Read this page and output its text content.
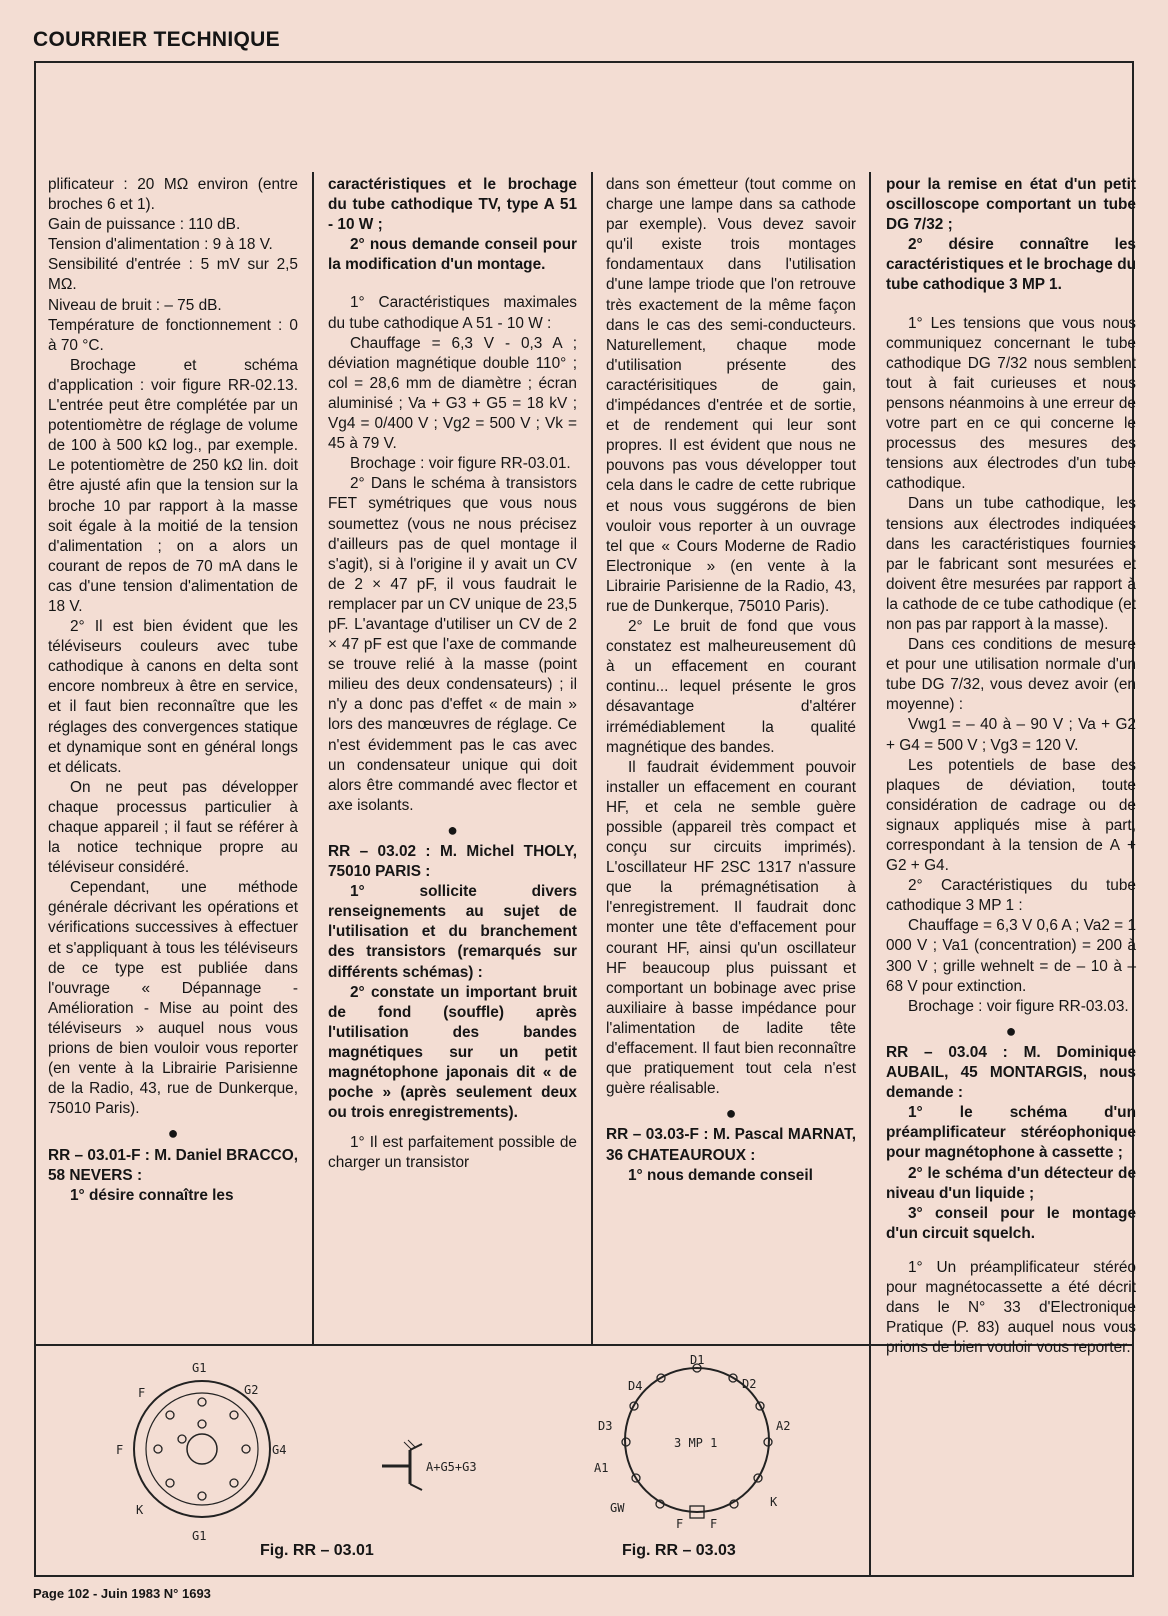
COURRIER TECHNIQUE

plificateur : 20 MΩ environ (entre broches 6 et 1).

Gain de puissance : 110 dB.

Tension d'alimentation : 9 à 18 V.

Sensibilité d'entrée : 5 mV sur 2,5 MΩ.

Niveau de bruit : – 75 dB.

Température de fonctionnement : 0 à 70 °C.

Brochage et schéma d'application : voir figure RR-02.13. L'entrée peut être complétée par un potentiomètre de réglage de volume de 100 à 500 kΩ log., par exemple. Le potentiomètre de 250 kΩ lin. doit être ajusté afin que la tension sur la broche 10 par rapport à la masse soit égale à la moitié de la tension d'alimentation ; on a alors un courant de repos de 70 mA dans le cas d'une tension d'alimentation de 18 V.

2° Il est bien évident que les téléviseurs couleurs avec tube cathodique à canons en delta sont encore nombreux à être en service, et il faut bien reconnaître que les réglages des convergences statique et dynamique sont en général longs et délicats.

On ne peut pas développer chaque processus particulier à chaque appareil ; il faut se référer à la notice technique propre au téléviseur considéré.

Cependant, une méthode générale décrivant les opérations et vérifications successives à effectuer et s'appliquant à tous les téléviseurs de ce type est publiée dans l'ouvrage « Dépannage - Amélioration - Mise au point des téléviseurs » auquel nous vous prions de bien vouloir vous reporter (en vente à la Librairie Parisienne de la Radio, 43, rue de Dunkerque, 75010 Paris).

●

RR – 03.01-F : M. Daniel BRACCO, 58 NEVERS :

1° désire connaître les

caractéristiques et le brochage du tube cathodique TV, type A 51 - 10 W ;

2° nous demande conseil pour la modification d'un montage.

1° Caractéristiques maximales du tube cathodique A 51 - 10 W :

Chauffage = 6,3 V - 0,3 A ; déviation magnétique double 110° ; col = 28,6 mm de diamètre ; écran aluminisé ; Va + G3 + G5 = 18 kV ; Vg4 = 0/400 V ; Vg2 = 500 V ; Vk = 45 à 79 V.

Brochage : voir figure RR-03.01.

2° Dans le schéma à transistors FET symétriques que vous nous soumettez (vous ne nous précisez d'ailleurs pas de quel montage il s'agit), si à l'origine il y avait un CV de 2 × 47 pF, il vous faudrait le remplacer par un CV unique de 23,5 pF. L'avantage d'utiliser un CV de 2 × 47 pF est que l'axe de commande se trouve relié à la masse (point milieu des deux condensateurs) ; il n'y a donc pas d'effet « de main » lors des manœuvres de réglage. Ce n'est évidemment pas le cas avec un condensateur unique qui doit alors être commandé avec flector et axe isolants.

●

RR – 03.02 : M. Michel THOLY, 75010 PARIS :

1° sollicite divers renseignements au sujet de l'utilisation et du branchement des transistors (remarqués sur différents schémas) :

2° constate un important bruit de fond (souffle) après l'utilisation des bandes magnétiques sur un petit magnétophone japonais dit « de poche » (après seulement deux ou trois enregistrements).

1° Il est parfaitement possible de charger un transistor

dans son émetteur (tout comme on charge une lampe dans sa cathode par exemple). Vous devez savoir qu'il existe trois montages fondamentaux dans l'utilisation d'une lampe triode que l'on retrouve très exactement de la même façon dans le cas des semi-conducteurs. Naturellement, chaque mode d'utilisation présente des caractérisitiques de gain, d'impédances d'entrée et de sortie, et de rendement qui leur sont propres. Il est évident que nous ne pouvons pas vous développer tout cela dans le cadre de cette rubrique et nous vous suggérons de bien vouloir vous reporter à un ouvrage tel que « Cours Moderne de Radio Electronique » (en vente à la Librairie Parisienne de la Radio, 43, rue de Dunkerque, 75010 Paris).

2° Le bruit de fond que vous constatez est malheureusement dû à un effacement en courant continu... lequel présente le gros désavantage d'altérer irrémédiablement la qualité magnétique des bandes.

Il faudrait évidemment pouvoir installer un effacement en courant HF, et cela ne semble guère possible (appareil très compact et conçu sur circuits imprimés). L'oscillateur HF 2SC 1317 n'assure que la prémagnétisation à l'enregistrement. Il faudrait donc monter une tête d'effacement pour courant HF, ainsi qu'un oscillateur HF beaucoup plus puissant et comportant un bobinage avec prise auxiliaire à basse impédance pour l'alimentation de ladite tête d'effacement. Il faut bien reconnaître que pratiquement tout cela n'est guère réalisable.

●

RR – 03.03-F : M. Pascal MARNAT, 36 CHATEAUROUX :

1° nous demande conseil

pour la remise en état d'un petit oscilloscope comportant un tube DG 7/32 ;

2° désire connaître les caractéristiques et le brochage du tube cathodique 3 MP 1.

1° Les tensions que vous nous communiquez concernant le tube cathodique DG 7/32 nous semblent tout à fait curieuses et nous pensons néanmoins à une erreur de votre part en ce qui concerne le processus des mesures des tensions aux électrodes d'un tube cathodique.

Dans un tube cathodique, les tensions aux électrodes indiquées dans les caractéristiques fournies par le fabricant sont mesurées et doivent être mesurées par rapport à la cathode de ce tube cathodique (et non pas par rapport à la masse).

Dans ces conditions de mesure et pour une utilisation normale d'un tube DG 7/32, vous devez avoir (en moyenne) :

Vwg1 = – 40 à – 90 V ; Va + G2 + G4 = 500 V ; Vg3 = 120 V.

Les potentiels de base des plaques de déviation, toute considération de cadrage ou de signaux appliqués mise à part, correspondant à la tension de A + G2 + G4.

2° Caractéristiques du tube cathodique 3 MP 1 :

Chauffage = 6,3 V 0,6 A ; Va2 = 1 000 V ; Va1 (concentration) = 200 à 300 V ; grille wehnelt = de – 10 à – 68 V pour extinction.

Brochage : voir figure RR-03.03.

●

RR – 03.04 : M. Dominique AUBAIL, 45 MONTARGIS, nous demande :

1° le schéma d'un préamplificateur stéréophonique pour magnétophone à cassette ;

2° le schéma d'un détecteur de niveau d'un liquide ;

3° conseil pour le montage d'un circuit squelch.

1° Un préamplificateur stéréo pour magnétocassette a été décrit dans le N° 33 d'Electronique Pratique (P. 83) auquel nous vous prions de bien vouloir vous reporter.

G1
F	G2
F	G4
K
G1
A+G5+G3
Fig. RR – 03.01
D1
D2
D4
D3	A2
A1
GW	K
F F
3 MP 1
Fig. RR – 03.03
Page 102 - Juin 1983 N° 1693
